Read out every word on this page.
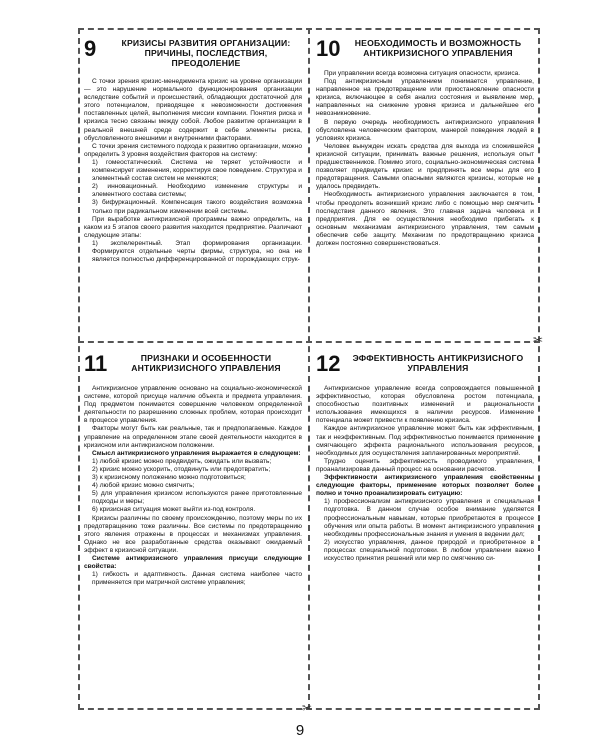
9	КРИЗИСЫ РАЗВИТИЯ ОРГАНИЗАЦИИ: ПРИЧИНЫ, ПОСЛЕДСТВИЯ, ПРЕОДОЛЕНИЕ

С точки зрения кризис-менеджмента кризис на уровне организации — это нарушение нормального функционирования организации вследствие событий и происшествий, обладающих достаточной для этого потенциалом, приводящее к невозможности достижения поставленных целей, выполнения миссии компании. Понятия риска и кризиса тесно связаны между собой. Любое развитие организации в реальной внешней среде содержит в себе элементы риска, обусловленного внешними и внутренними факторами.

С точки зрения системного подхода к развитию организации, можно определить 3 уровня воздействия факторов на систему:

1) гомеостатический. Система не теряет устойчивости и компенсирует изменения, корректируя свое поведение. Структура и элементный состав систем не меняются;

2) инновационный. Необходимо изменение структуры и элементного состава системы;

3) бифуркационный. Компенсация такого воздействия возможна только при радикальном изменении всей системы.

При выработке антикризисной программы важно определить, на каком из 5 этапов своего развития находится предприятие. Различают следующие этапы:

1) экспелерентный. Этап формирования организации. Формируются отдельные черты фирмы, структура, но она не является полностью дифференцированной от порождающих струк-

10	НЕОБХОДИМОСТЬ И ВОЗМОЖНОСТЬ АНТИКРИЗИСНОГО УПРАВЛЕНИЯ

При управлении всегда возможна ситуация опасности, кризиса.

Под антикризисным управлением понимается управление, направленное на предотвращение или приостановление опасности кризиса, включающее в себя анализ состояния и выявление мер, направленных на снижение уровня кризиса и дальнейшее его невозникновение.

В первую очередь необходимость антикризисного управления обусловлена человеческим фактором, манерой поведения людей в условиях кризиса.

Человек вынужден искать средства для выхода из сложившейся кризисной ситуации, принимать важные решения, используя опыт предшественников. Помимо этого, социально-экономическая система позволяет предвидеть кризис и предпринять все меры для его предотвращения. Самыми опасными являются кризисы, которые не удалось предвидеть.

Необходимость антикризисного управления заключается в том, чтобы преодолеть возникший кризис либо с помощью мер смягчить последствия данного явления. Это главная задача человека и предприятия. Для ее осуществления необходимо прибегать к основным механизмам антикризисного управления, тем самым обеспечив себе защиту. Механизм по предотвращению кризиса должен постоянно совершенствоваться.

11	ПРИЗНАКИ И ОСОБЕННОСТИ АНТИКРИЗИСНОГО УПРАВЛЕНИЯ

Антикризисное управление основано на социально-экономической системе, которой присуще наличие объекта и предмета управления. Под предметом понимается совершение человеком определенной деятельности по разрешению сложных проблем, которая происходит в процессе управления.

Факторы могут быть как реальные, так и предполагаемые. Каждое управление на определенном этапе своей деятельности находится в кризисном или антикризисном положении.

Смысл антикризисного управления выражается в следующем:

1) любой кризис можно предвидеть, ожидать или вызвать;

2) кризис можно ускорить, отодвинуть или предотвратить;

3) к кризисному положению можно подготовиться;

4) любой кризис можно смягчить;

5) для управления кризисом используются ранее приготовленные подходы и меры;

6) кризисная ситуация может выйти из-под контроля.

Кризисы различны по своему происхождению, поэтому меры по их предотвращению тоже различны. Все системы по предотвращению этого явления отражены в процессах и механизмах управления. Однако не все разработанные средства оказывают ожидаемый эффект в кризисной ситуации.

Системе антикризисного управления присущи следующие свойства:

1) гибкость и адаптивность. Данная система наиболее часто применяется при матричной системе управления;

12	ЭФФЕКТИВНОСТЬ АНТИКРИЗИСНОГО УПРАВЛЕНИЯ

Антикризисное управление всегда сопровождается повышенной эффективностью, которая обусловлена ростом потенциала, способностью позитивных изменений и рациональности использования имеющихся в наличии ресурсов. Изменение потенциала может привести к появлению кризиса.

Каждое антикризисное управление может быть как эффективным, так и неэффективным. Под эффективностью понимается применение смягчающего эффекта рационального использования ресурсов, необходимых для осуществления запланированных мероприятий.

Трудно оценить эффективность проводимого управления, проанализировав данный процесс на основании расчетов.

Эффективности антикризисного управления свойственны следующие факторы, применение которых позволяет более полно и точно проанализировать ситуацию:

1) профессионализм антикризисного управления и специальная подготовка. В данном случае особое внимание уделяется профессиональным навыкам, которые приобретаются в процессе обучения или опыта работы. В момент антикризисного управления необходимы профессиональные знания и умения в ведении дел;

2) искусство управления, данное природой и приобретенное в процессах специальной подготовки. В любом управлении важно искусство принятия решений или мер по смягчению си-

✂
✂
9
